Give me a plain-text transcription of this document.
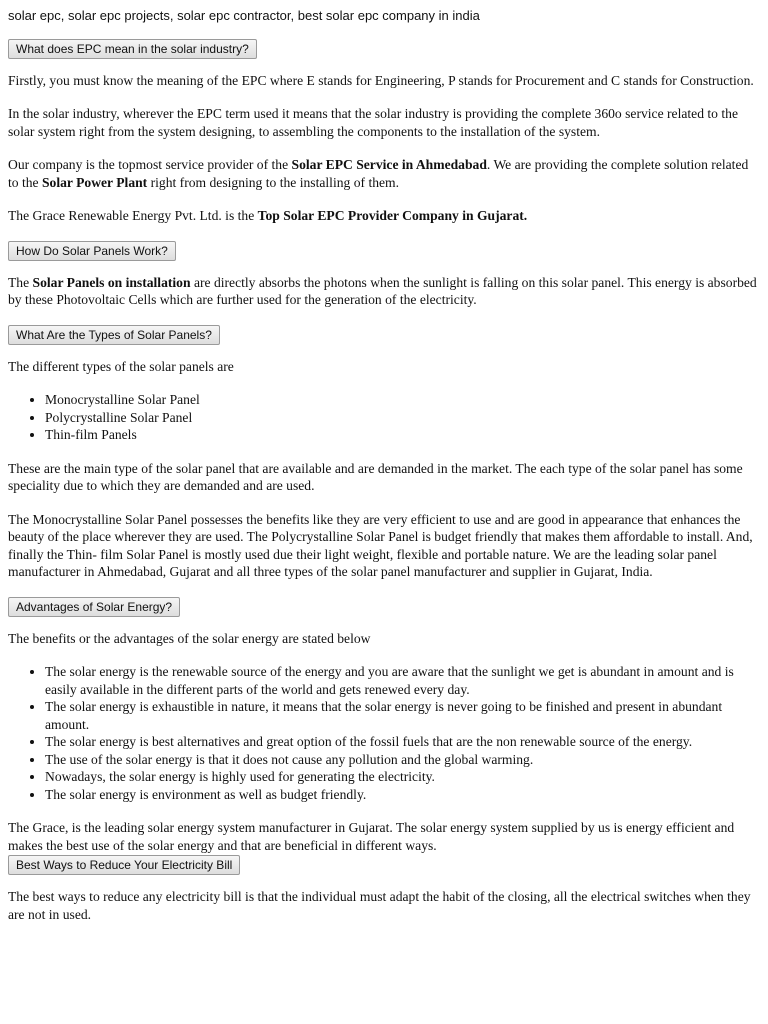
solar epc, solar epc projects, solar epc contractor, best solar epc company in india
What does EPC mean in the solar industry?

Firstly, you must know the meaning of the EPC where E stands for Engineering, P stands for Procurement and C stands for Construction.

In the solar industry, wherever the EPC term used it means that the solar industry is providing the complete 360o service related to the solar system right from the system designing, to assembling the components to the installation of the system.

Our company is the topmost service provider of the Solar EPC Service in Ahmedabad. We are providing the complete solution related to the Solar Power Plant right from designing to the installing of them.

The Grace Renewable Energy Pvt. Ltd. is the Top Solar EPC Provider Company in Gujarat.

How Do Solar Panels Work?

The Solar Panels on installation are directly absorbs the photons when the sunlight is falling on this solar panel. This energy is absorbed by these Photovoltaic Cells which are further used for the generation of the electricity.

What Are the Types of Solar Panels?

The different types of the solar panels are

• Monocrystalline Solar Panel
• Polycrystalline Solar Panel
• Thin-film Panels

These are the main type of the solar panel that are available and are demanded in the market. The each type of the solar panel has some speciality due to which they are demanded and are used.

The Monocrystalline Solar Panel possesses the benefits like they are very efficient to use and are good in appearance that enhances the beauty of the place wherever they are used. The Polycrystalline Solar Panel is budget friendly that makes them affordable to install. And, finally the Thin- film Solar Panel is mostly used due their light weight, flexible and portable nature. We are the leading solar panel manufacturer in Ahmedabad, Gujarat and all three types of the solar panel manufacturer and supplier in Gujarat, India.

Advantages of Solar Energy?

The benefits or the advantages of the solar energy are stated below

• The solar energy is the renewable source of the energy and you are aware that the sunlight we get is abundant in amount and is easily available in the different parts of the world and gets renewed every day.
• The solar energy is exhaustible in nature, it means that the solar energy is never going to be finished and present in abundant amount.
• The solar energy is best alternatives and great option of the fossil fuels that are the non renewable source of the energy.
• The use of the solar energy is that it does not cause any pollution and the global warming.
• Nowadays, the solar energy is highly used for generating the electricity.
• The solar energy is environment as well as budget friendly.

The Grace, is the leading solar energy system manufacturer in Gujarat. The solar energy system supplied by us is energy efficient and makes the best use of the solar energy and that are beneficial in different ways.

Best Ways to Reduce Your Electricity Bill

The best ways to reduce any electricity bill is that the individual must adapt the habit of the closing, all the electrical switches when they are not in used.
